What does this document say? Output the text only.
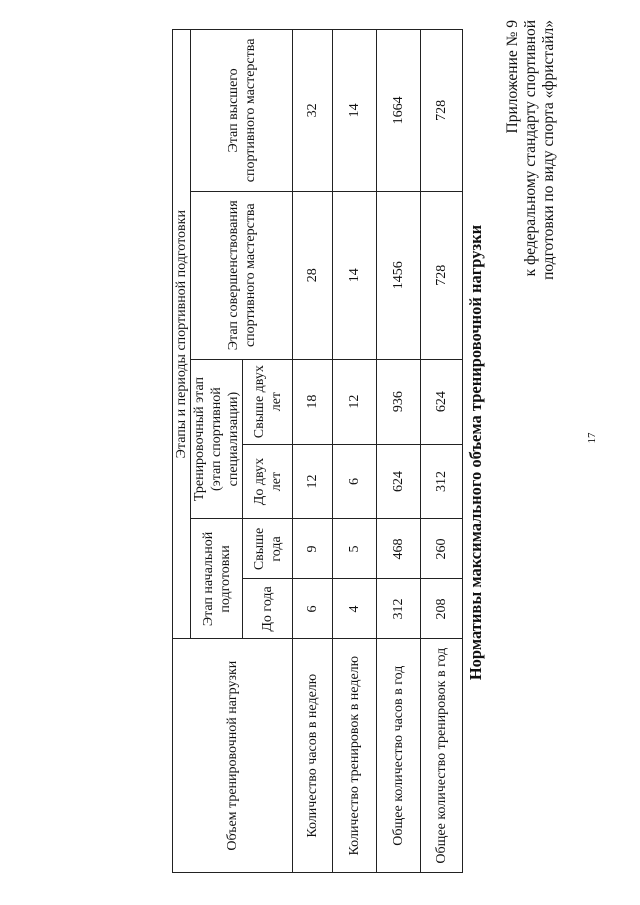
17
Приложение № 9 к федеральному стандарту спортивной подготовки по виду спорта «фристайл»
Нормативы максимального объема тренировочной нагрузки
Объем тренировочной нагрузки	Этапы и периоды спортивной подготовки					
	Этап начальной подготовки		Тренировочный этап (этап спортивной специализации)		Этап совершенствования спортивного мастерства	Этап высшего спортивного мастерства
	До года	Свыше года	До двух лет	Свыше двух лет		
Количество часов в неделю	6	9	12	18	28	32
Количество тренировок в неделю	4	5	6	12	14	14
Общее количество часов в год	312	468	624	936	1456	1664
Общее количество тренировок в год	208	260	312	624	728	728
